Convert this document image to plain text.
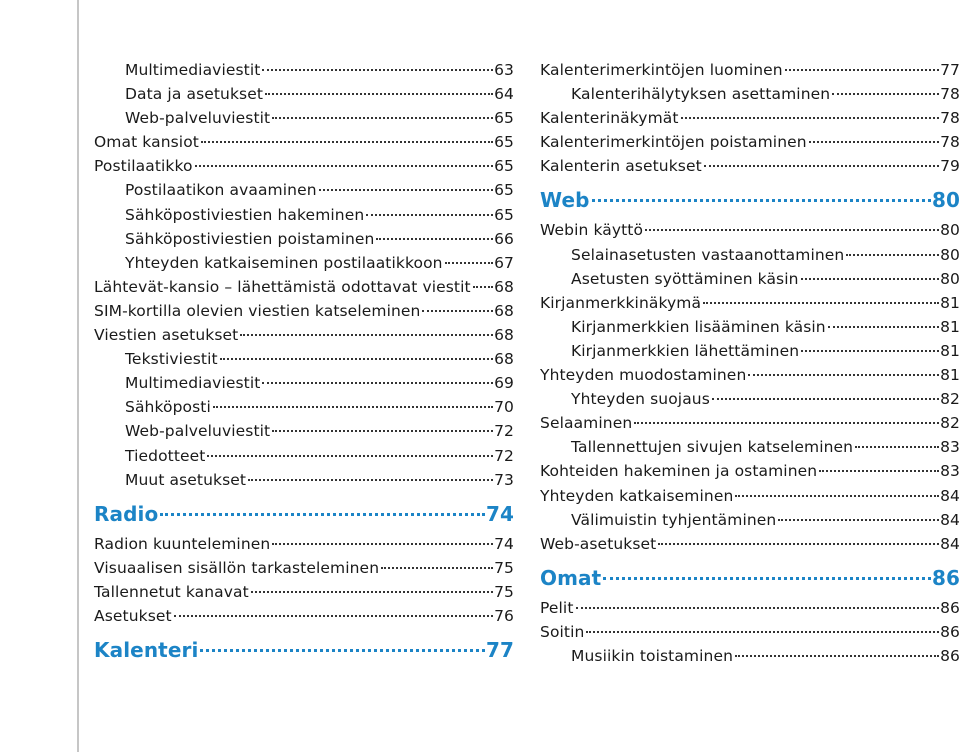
Multimediaviestit	63
Data ja asetukset	64
Web-palveluviestit	65
Omat kansiot	65
Postilaatikko	65
Postilaatikon avaaminen	65
Sähköpostiviestien hakeminen	65
Sähköpostiviestien poistaminen	66
Yhteyden katkaiseminen postilaatikkoon	67
Lähtevät-kansio – lähettämistä odottavat viestit 68
SIM-kortilla olevien viestien katseleminen	68
Viestien asetukset	68
Tekstiviestit	68
Multimediaviestit	69
Sähköposti	70
Web-palveluviestit	72
Tiedotteet	72
Muut asetukset	73
Radio	74
Radion kuunteleminen	74
Visuaalisen sisällön tarkasteleminen	75
Tallennetut kanavat	75
Asetukset	76
Kalenteri	77
Kalenterimerkintöjen luominen	77
Kalenterihälytyksen asettaminen	78
Kalenterinäkymät	78
Kalenterimerkintöjen poistaminen	78
Kalenterin asetukset	79
Web	80
Webin käyttö	80
Selainasetusten vastaanottaminen	80
Asetusten syöttäminen käsin	80
Kirjanmerkkinäkymä	81
Kirjanmerkkien lisääminen käsin	81
Kirjanmerkkien lähettäminen	81
Yhteyden muodostaminen	81
Yhteyden suojaus	82
Selaaminen	82
Tallennettujen sivujen katseleminen	83
Kohteiden hakeminen ja ostaminen	83
Yhteyden katkaiseminen	84
Välimuistin tyhjentäminen	84
Web-asetukset	84
Omat	86
Pelit	86
Soitin	86
Musiikin toistaminen	86
